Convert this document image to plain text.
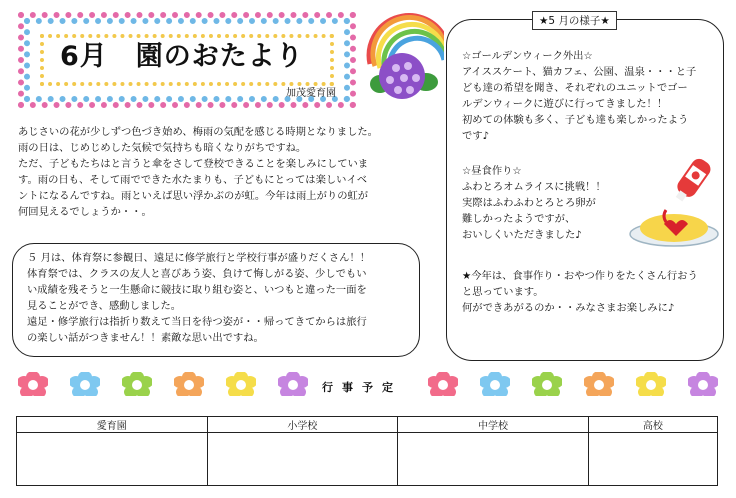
6月　園のおたより
加茂愛育園
あじさいの花が少しずつ色づき始め、梅雨の気配を感じる時期となりました。
雨の日は、じめじめした気候で気持ちも暗くなりがちですね。
ただ、子どもたちはと言うと傘をさして登校できることを楽しみにしていま
す。雨の日も、そして雨でできた水たまりも、子どもにとっては楽しいイベ
ントになるんですね。雨といえば思い浮かぶのが虹。今年は雨上がりの虹が
何回見えるでしょうか・・。
５ 月は、体育祭に参観日、遠足に修学旅行と学校行事が盛りだくさん！！
体育祭では、クラスの友人と喜びあう姿、負けて悔しがる姿、少しでもい
い成績を残そうと一生懸命に競技に取り組む姿と、いつもと違った一面を
見ることができ、感動しました。
遠足・修学旅行は指折り数えて当日を待つ姿が・・帰ってきてからは旅行
の楽しい話がつきません！！素敵な思い出ですね。
★5 月の様子★
☆ゴールデンウィーク外出☆
アイススケート、猫カフェ、公園、温泉・・・と子
ども達の希望を聞き、それぞれのユニットでゴー
ルデンウィークに遊びに行ってきました！！
初めての体験も多く、子ども達も楽しかったよう
です♪
☆昼食作り☆
ふわとろオムライスに挑戦！！
実際はふわふわとろとろ卵が
難しかったようですが、
おいしくいただきました♪
★今年は、食事作り・おやつ作りをたくさん行おう
と思っています。
何ができあがるのか・・みなさまお楽しみに♪
行事予定
愛育園	小学校	中学校	高校
